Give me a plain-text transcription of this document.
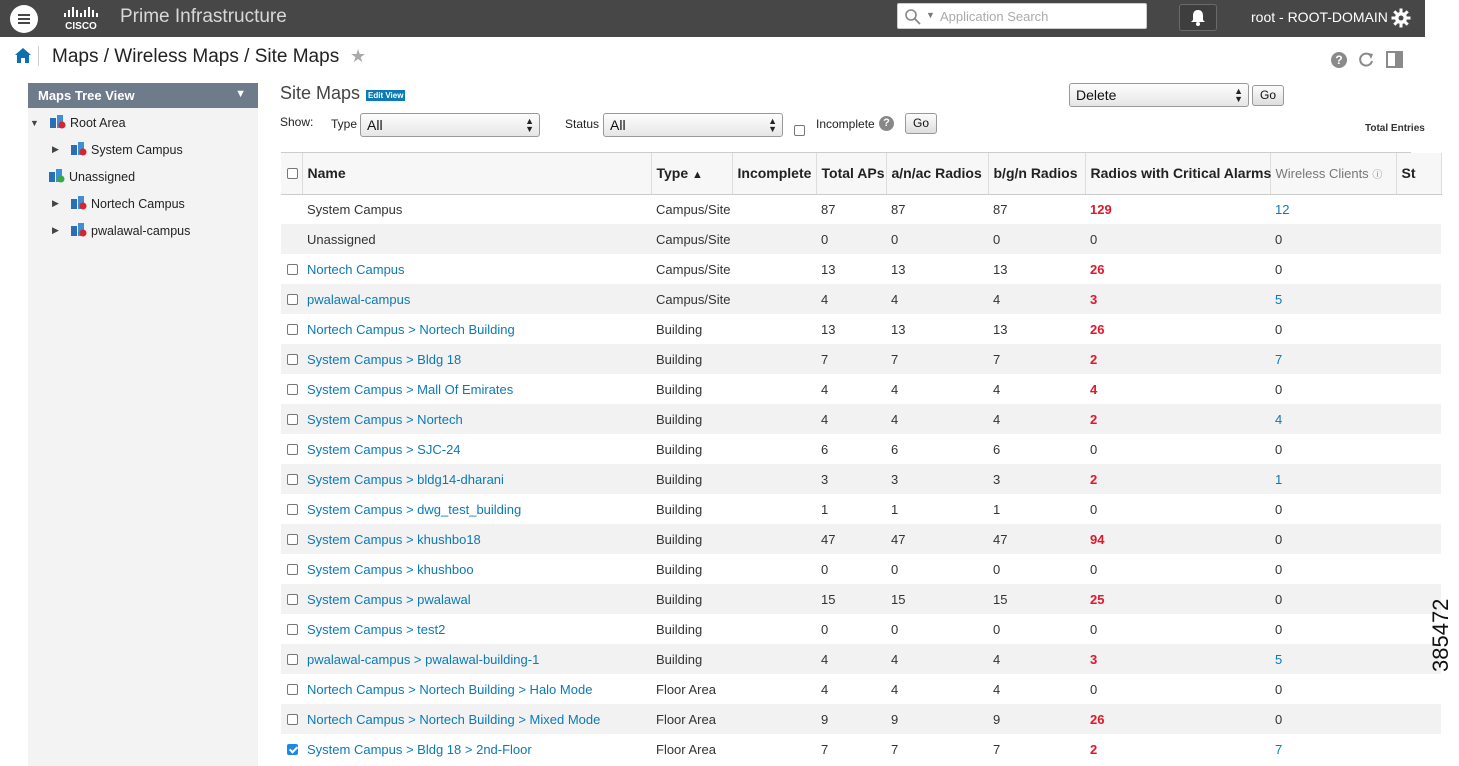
CISCO Prime Infrastructure	▼
Application Search	root - ROOT-DOMAIN
Maps / Wireless Maps / Site Maps ★	?
Maps Tree View	▼
▼ Root Area
▶	System Campus
Unassigned
▶	Nortech Campus
▶	pwalawal-campus
Site Maps Edit View	Delete	▲
▼	Go
Show: Type All	▲
▼	Status All	▲
▼	Incomplete ?	Go	Total Entries
	Name	Type ▲	Incomplete	Total APs	a/n/ac Radios	b/g/n Radios	Radios with Critical Alarms	Wireless Clients ⓘ	St
	System Campus	Campus/Site		87	87	87	129	12	
	Unassigned	Campus/Site		0	0	0	0	0	

	Nortech Campus	Campus/Site		13	13	13	26	0	

	pwalawal-campus	Campus/Site		4	4	4	3	5	

	Nortech Campus > Nortech Building	Building		13	13	13	26	0	

	System Campus > Bldg 18	Building		7	7	7	2	7	

	System Campus > Mall Of Emirates	Building		4	4	4	4	0	

	System Campus > Nortech	Building		4	4	4	2	4	

	System Campus > SJC-24	Building		6	6	6	0	0	

	System Campus > bldg14-dharani	Building		3	3	3	2	1	

	System Campus > dwg_test_building	Building		1	1	1	0	0	

	System Campus > khushbo18	Building		47	47	47	94	0	

	System Campus > khushboo	Building		0	0	0	0	0	

	System Campus > pwalawal	Building		15	15	15	25	0	

	System Campus > test2	Building		0	0	0	0	0	

	pwalawal-campus > pwalawal-building-1	Building		4	4	4	3	5	

	Nortech Campus > Nortech Building > Halo Mode	Floor Area		4	4	4	0	0	

	Nortech Campus > Nortech Building > Mixed Mode	Floor Area		9	9	9	26	0	

	System Campus > Bldg 18 > 2nd-Floor	Floor Area		7	7	7	2	7	
385472
